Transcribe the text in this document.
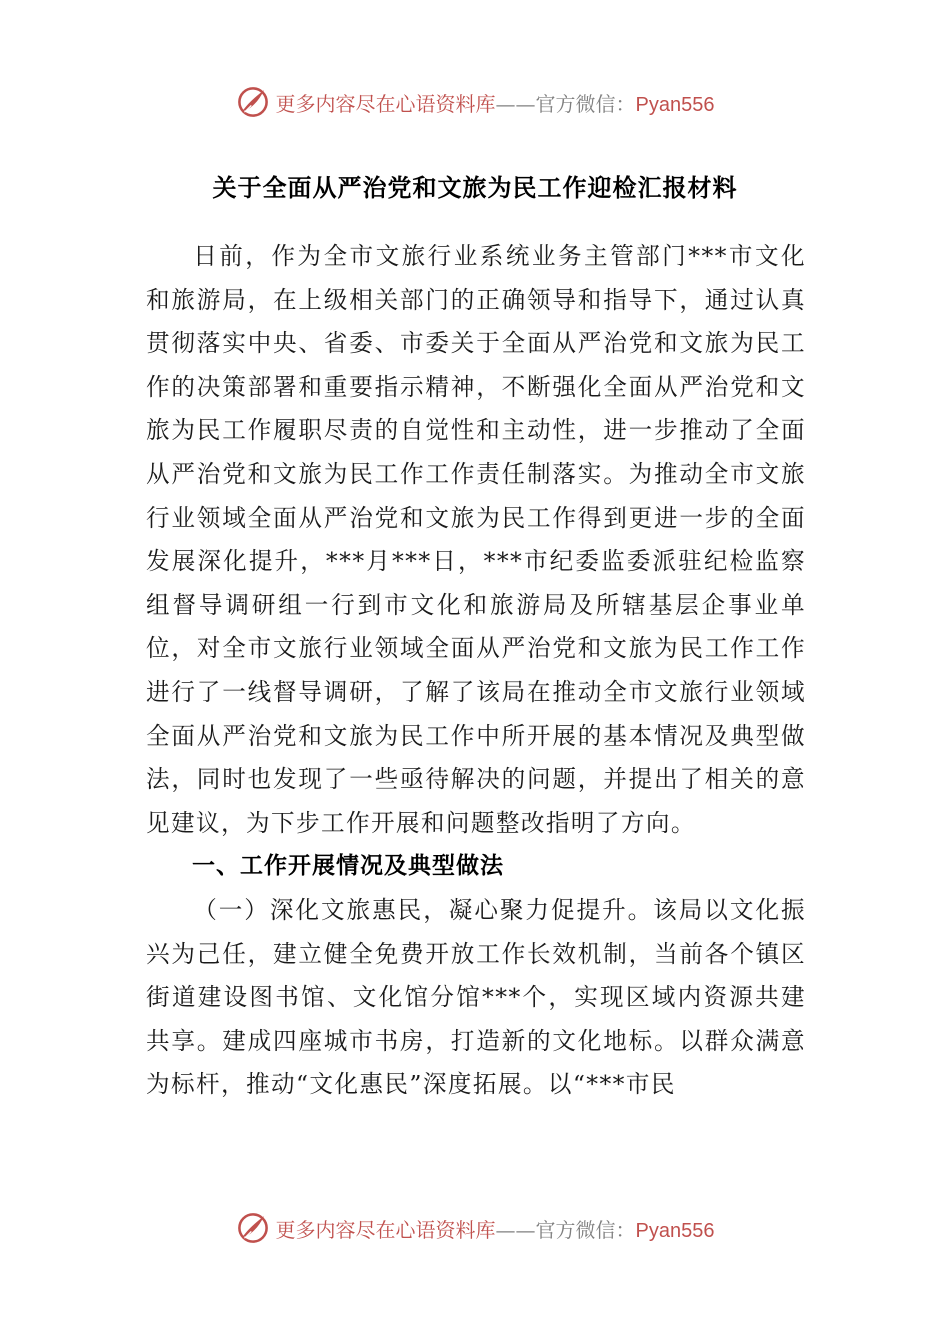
更多内容尽在心语资料库——官方微信：Pyan556
关于全面从严治党和文旅为民工作迎检汇报材料

日前，作为全市文旅行业系统业务主管部门***市文化和旅游局，在上级相关部门的正确领导和指导下，通过认真贯彻落实中央、省委、市委关于全面从严治党和文旅为民工作的决策部署和重要指示精神，不断强化全面从严治党和文旅为民工作履职尽责的自觉性和主动性，进一步推动了全面从严治党和文旅为民工作工作责任制落实。为推动全市文旅行业领域全面从严治党和文旅为民工作得到更进一步的全面发展深化提升，***月***日，***市纪委监委派驻纪检监察组督导调研组一行到市文化和旅游局及所辖基层企事业单位，对全市文旅行业领域全面从严治党和文旅为民工作工作进行了一线督导调研，了解了该局在推动全市文旅行业领域全面从严治党和文旅为民工作中所开展的基本情况及典型做法，同时也发现了一些亟待解决的问题，并提出了相关的意见建议，为下步工作开展和问题整改指明了方向。

一、工作开展情况及典型做法

（一）深化文旅惠民，凝心聚力促提升。该局以文化振兴为己任，建立健全免费开放工作长效机制，当前各个镇区街道建设图书馆、文化馆分馆***个，实现区域内资源共建共享。建成四座城市书房，打造新的文化地标。以群众满意为标杆，推动“文化惠民”深度拓展。以“***市民

更多内容尽在心语资料库——官方微信：Pyan556
